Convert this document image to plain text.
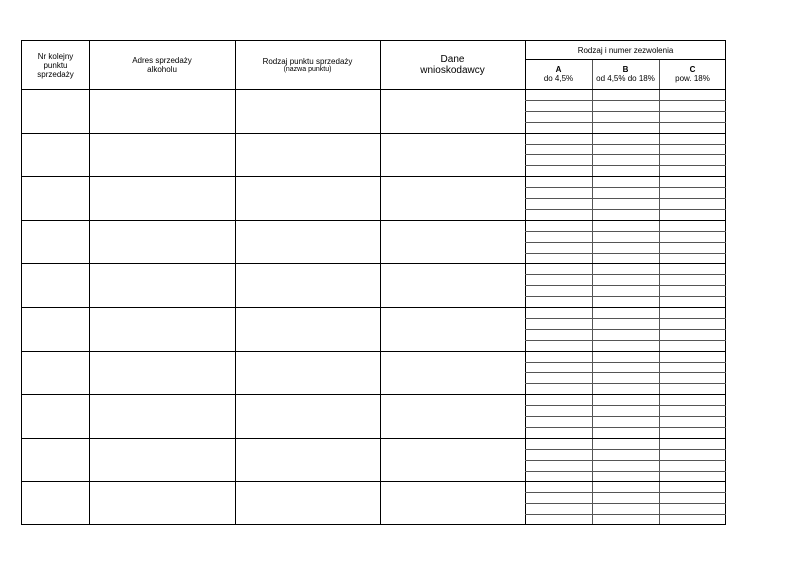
Nr kolejny punktu sprzedaży
Adres sprzedaży alkoholu
Rodzaj punktu sprzedaży
(nazwa punktu)
Dane wnioskodawcy
Rodzaj i numer zezwolenia
A
do 4,5%
B
od 4,5% do 18%
C
pow. 18%
